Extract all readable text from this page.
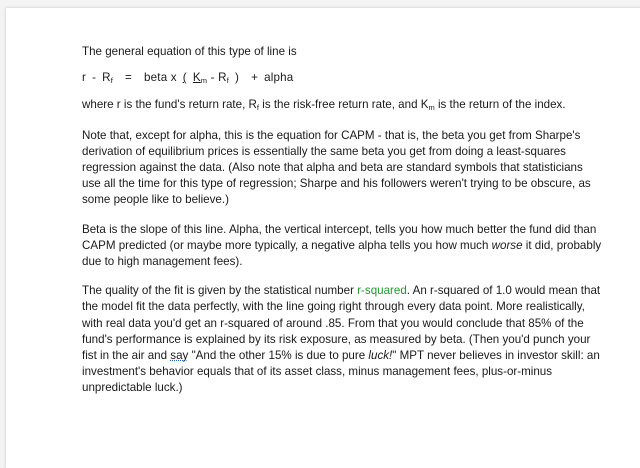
The general equation of this type of line is

r - $R_f$ = beta x ( $K_m - R_f$ ) + alpha

where r is the fund's return rate, $R_f$ is the risk-free return rate, and $K_m$ is the return of the index.

Note that, except for alpha, this is the equation for CAPM - that is, the beta you get from Sharpe's derivation of equilibrium prices is essentially the same beta you get from doing a least-squares regression against the data. (Also note that alpha and beta are standard symbols that statisticians use all the time for this type of regression; Sharpe and his followers weren't trying to be obscure, as some people like to believe.)

Beta is the slope of this line. Alpha, the vertical intercept, tells you how much better the fund did than CAPM predicted (or maybe more typically, a negative alpha tells you how much worse it did, probably due to high management fees).

The quality of the fit is given by the statistical number r-squared. An r-squared of 1.0 would mean that the model fit the data perfectly, with the line going right through every data point. More realistically, with real data you'd get an r-squared of around .85. From that you would conclude that 85% of the fund's performance is explained by its risk exposure, as measured by beta. (Then you'd punch your fist in the air and say "And the other 15% is due to pure luck!" MPT never believes in investor skill: an investment's behavior equals that of its asset class, minus management fees, plus-or-minus unpredictable luck.)
